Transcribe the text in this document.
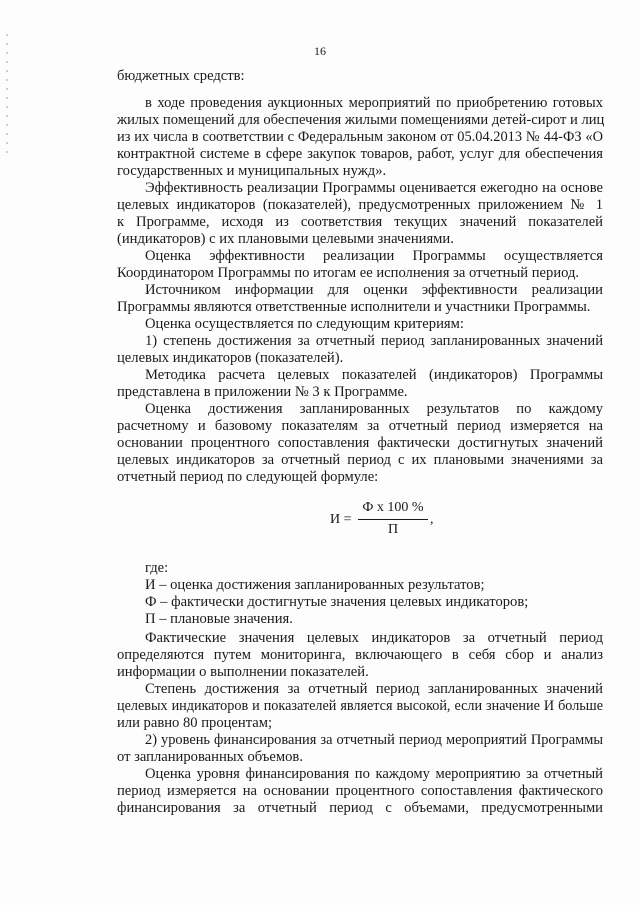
16
бюджетных средств:
в ходе проведения аукционных мероприятий по приобретению готовых
жилых помещений для обеспечения жилыми помещениями детей-сирот и лиц
из их числа в соответствии с Федеральным законом от 05.04.2013 № 44-ФЗ «О
контрактной системе в сфере закупок товаров, работ, услуг для обеспечения
государственных и муниципальных нужд».
Эффективность реализации Программы оценивается ежегодно на основе
целевых индикаторов (показателей), предусмотренных приложением № 1
к Программе, исходя из соответствия текущих значений показателей
(индикаторов) с их плановыми целевыми значениями.
Оценка эффективности реализации Программы осуществляется
Координатором Программы по итогам ее исполнения за отчетный период.
Источником информации для оценки эффективности реализации
Программы являются ответственные исполнители и участники Программы.
Оценка осуществляется по следующим критериям:
1) степень достижения за отчетный период запланированных значений
целевых индикаторов (показателей).
Методика расчета целевых показателей (индикаторов) Программы
представлена в приложении № 3 к Программе.
Оценка достижения запланированных результатов по каждому
расчетному и базовому показателям за отчетный период измеряется на
основании процентного сопоставления фактически достигнутых значений
целевых индикаторов за отчетный период с их плановыми значениями за
отчетный период по следующей формуле:
где:
И – оценка достижения запланированных результатов;
Ф – фактически достигнутые значения целевых индикаторов;
П – плановые значения.
Фактические значения целевых индикаторов за отчетный период
определяются путем мониторинга, включающего в себя сбор и анализ
информации о выполнении показателей.
Степень достижения за отчетный период запланированных значений
целевых индикаторов и показателей является высокой, если значение И больше
или равно 80 процентам;
2) уровень финансирования за отчетный период мероприятий Программы
от запланированных объемов.
Оценка уровня финансирования по каждому мероприятию за отчетный
период измеряется на основании процентного сопоставления фактического
финансирования за отчетный период с объемами, предусмотренными
И =
Ф х 100 %
П
,
